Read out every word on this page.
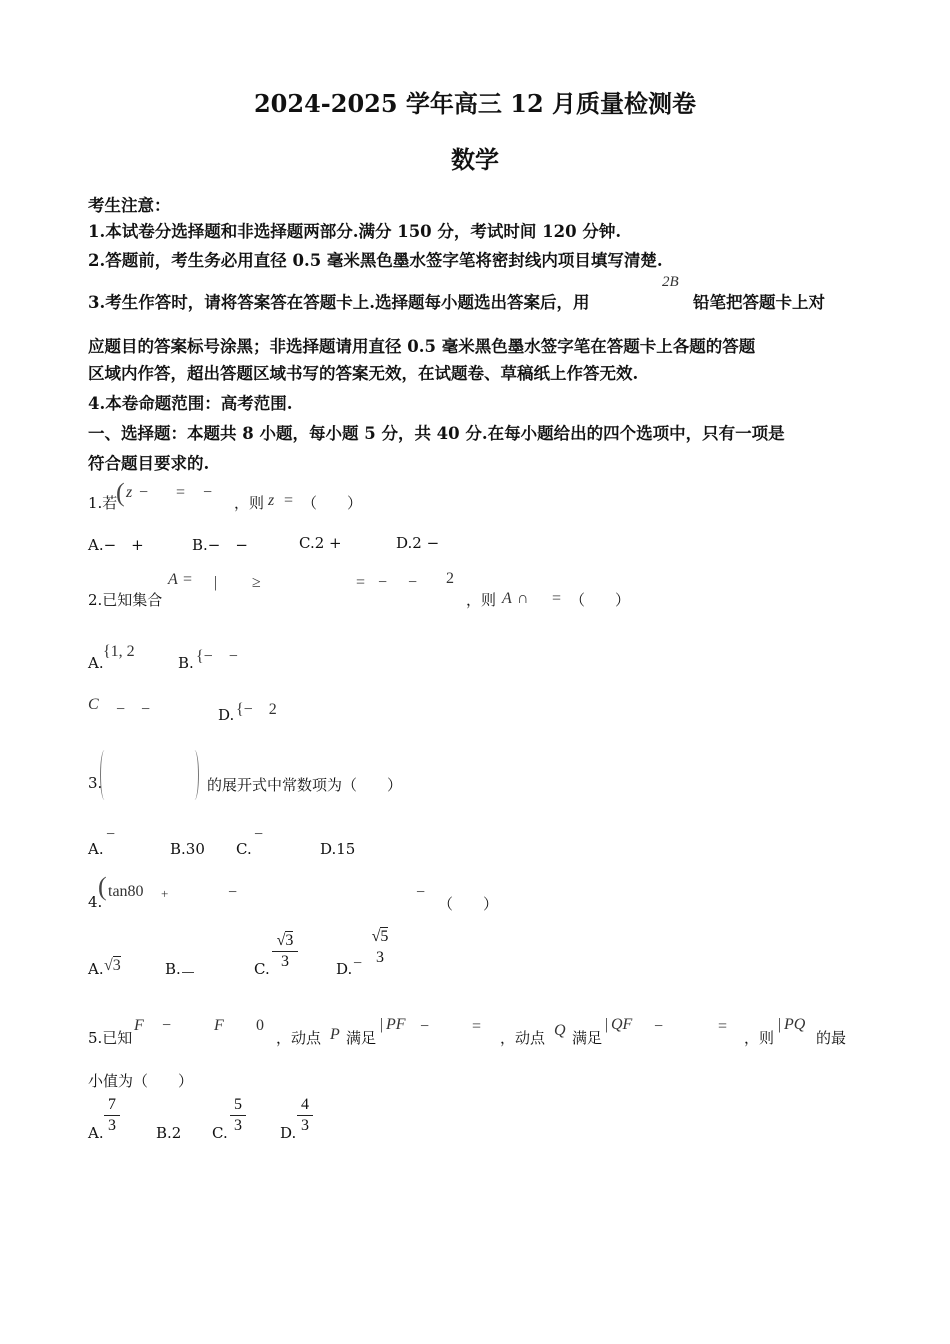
2024-2025 学年高三 12 月质量检测卷
数学
考生注意：
1.本试卷分选择题和非选择题两部分.满分 150 分，考试时间 120 分钟.
2.答题前，考生务必用直径 0.5 毫米黑色墨水签字笔将密封线内项目填写清楚.
3.考生作答时，请将答案答在答题卡上.选择题每小题选出答案后，用
2B
铅笔把答题卡上对
应题目的答案标号涂黑；非选择题请用直径 0.5 毫米黑色墨水签字笔在答题卡上各题的答题
区域内作答，超出答题区域书写的答案无效，在试题卷、草稿纸上作答无效.
4.本卷命题范围：高考范围.
一、选择题：本题共 8 小题，每小题 5 分，共 40 分.在每小题给出的四个选项中，只有一项是
符合题目要求的.
1.若
( z − = −
，则 z = （　　）
A.−　+	B.−　−	C.2 +	D.2 −
2.已知集合
A = | ≥	= − − 2
，则 A ∩ = （　　）
A.
{1, 2
B. {−　−
C −　−	D. {−　2
3.	的展开式中常数项为（　　）
−
A.	B.30
−
C.	D.15
4.
( tan80 +	−	−
（　　）
A. √3	B.	C.
√3
3	D. −
√5
3
5.已知
F −	F 0
，动点 P 满足
| PF −	=
，动点 Q 满足
| QF −	=
，则
| PQ
的最
小值为（　　）
A.
7
3	B.2 C.
5
3	D.
4
3
